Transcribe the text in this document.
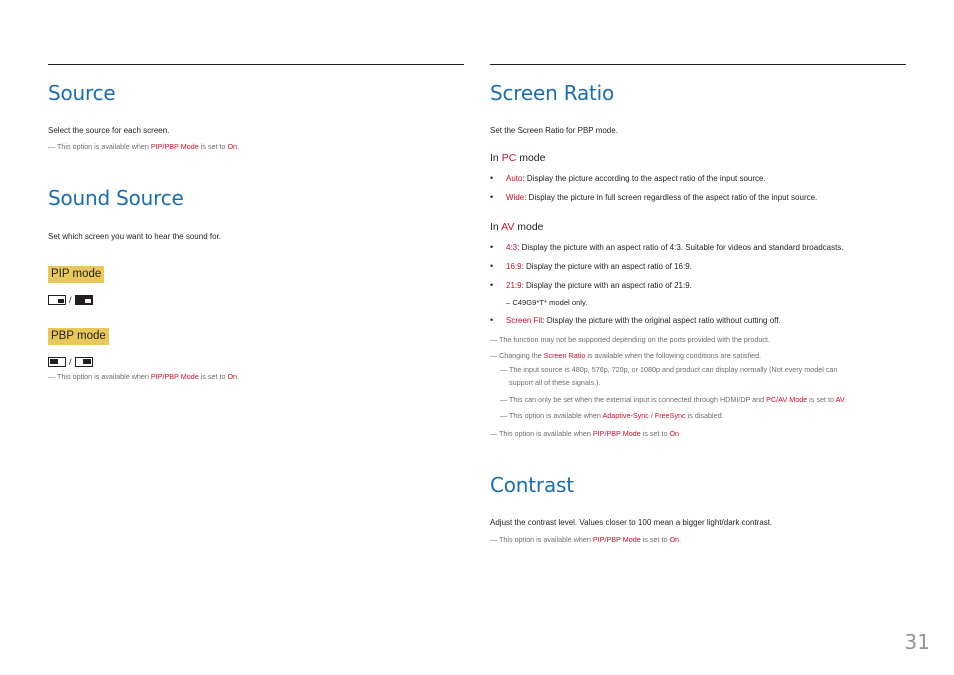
Source

Select the source for each screen.

― This option is available when PIP/PBP Mode is set to On.

Sound Source

Set which screen you want to hear the sound for.

PIP mode
/
PBP mode
/

― This option is available when PIP/PBP Mode is set to On.

Screen Ratio

Set the Screen Ratio for PBP mode.

In PC mode

• Auto: Display the picture according to the aspect ratio of the input source.
• Wide: Display the picture in full screen regardless of the aspect ratio of the input source.

In AV mode

• 4:3: Display the picture with an aspect ratio of 4:3. Suitable for videos and standard broadcasts.
• 16:9: Display the picture with an aspect ratio of 16:9.
• 21:9: Display the picture with an aspect ratio of 21:9.

– C49G9*T* model only.

• Screen Fit: Display the picture with the original aspect ratio without cutting off.

― The function may not be supported depending on the ports provided with the product.

― Changing the Screen Ratio is available when the following conditions are satisfied.

― The input source is 480p, 576p, 720p, or 1080p and product can display normally (Not every model can

support all of these signals.).

― This can only be set when the external input is connected through HDMI/DP and PC/AV Mode is set to AV.

― This option is available when Adaptive-Sync / FreeSync is disabled.

― This option is available when PIP/PBP Mode is set to On.

Contrast

Adjust the contrast level. Values closer to 100 mean a bigger light/dark contrast.

― This option is available when PIP/PBP Mode is set to On.

31
